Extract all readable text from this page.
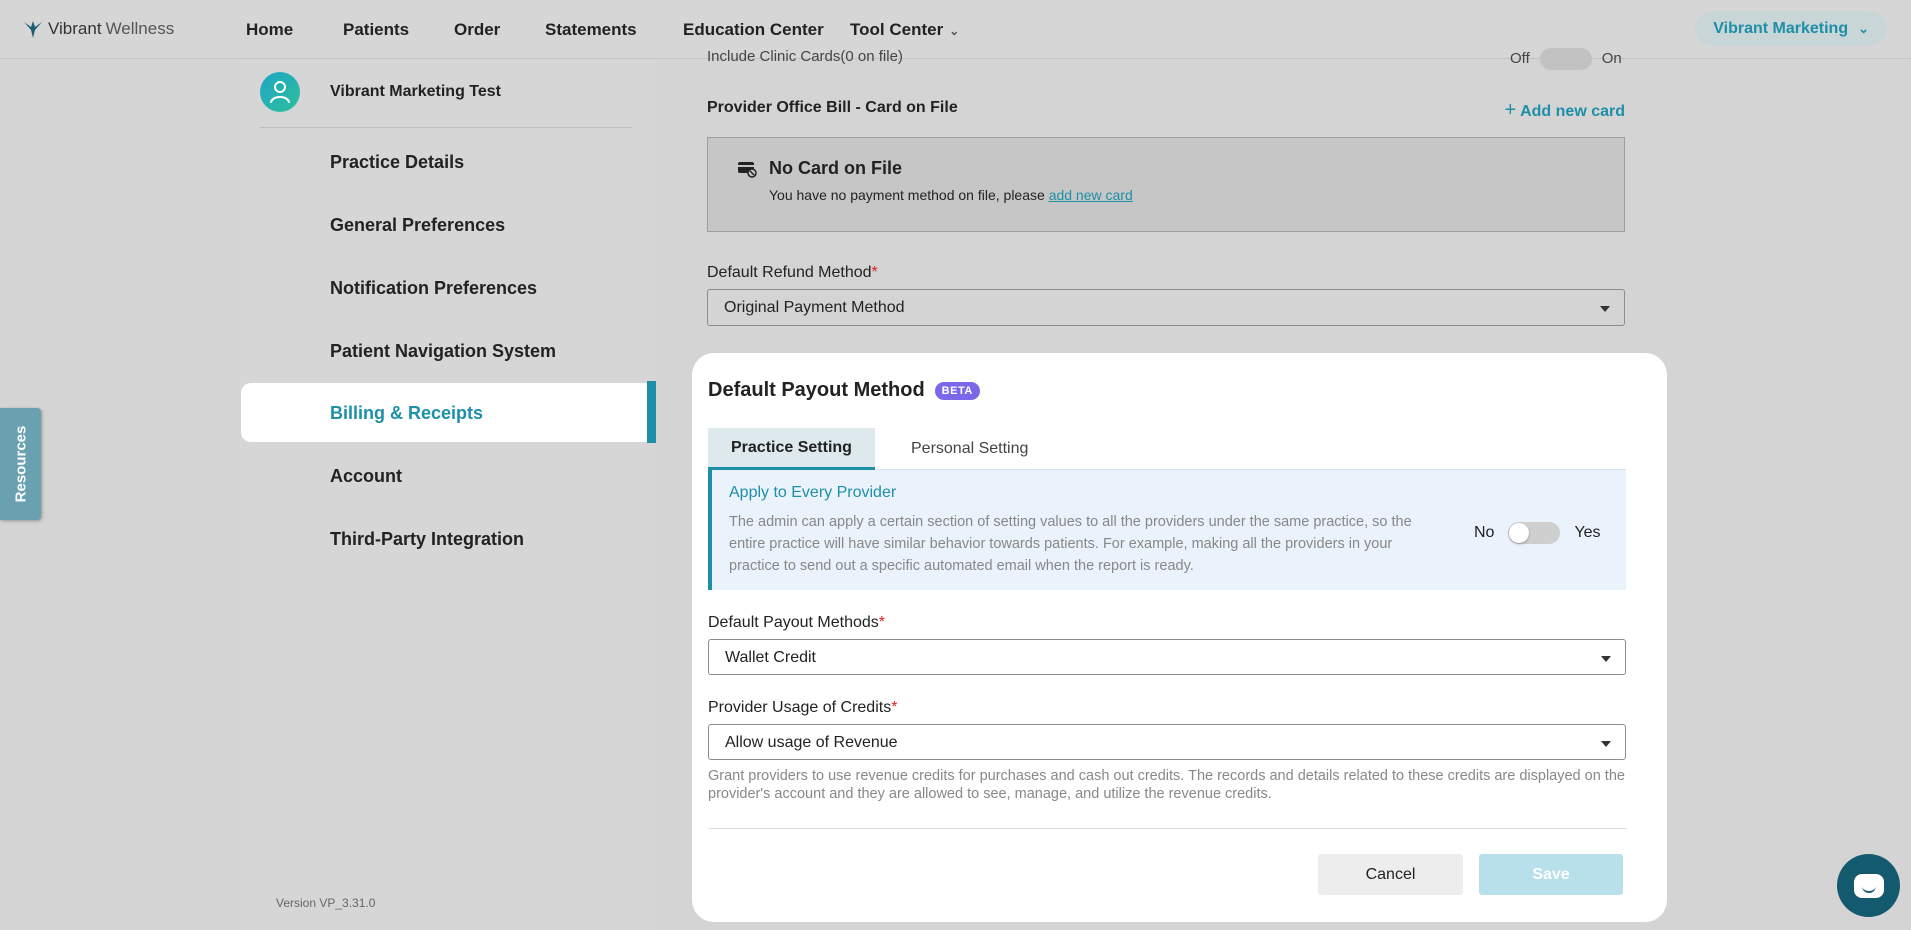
Vibrant Wellness	Home	Patients	Order	Statements	Education Center Tool Center ⌄	Vibrant Marketing ⌄
Vibrant Marketing Test
Practice Details
General Preferences
Notification Preferences
Patient Navigation System
Billing & Receipts
Account
Third-Party Integration
Version VP_3.31.0
Resources
Include Clinic Cards(0 on file)	Off	On
Provider Office Bill - Card on File	+ Add new card
No Card on File
You have no payment method on file, please add new card
Default Refund Method*
Original Payment Method
Default Payout Method	BETA
Practice Setting	Personal Setting
Apply to Every Provider
The admin can apply a certain section of setting values to all the providers under the same practice, so the entire practice will have similar behavior towards patients. For example, making all the providers in your practice to send out a specific automated email when the report is ready.
No	Yes
Default Payout Methods*
Wallet Credit
Provider Usage of Credits*
Allow usage of Revenue
Grant providers to use revenue credits for purchases and cash out credits. The records and details related to these credits are displayed on the provider's account and they are allowed to see, manage, and utilize the revenue credits.
Cancel	Save
